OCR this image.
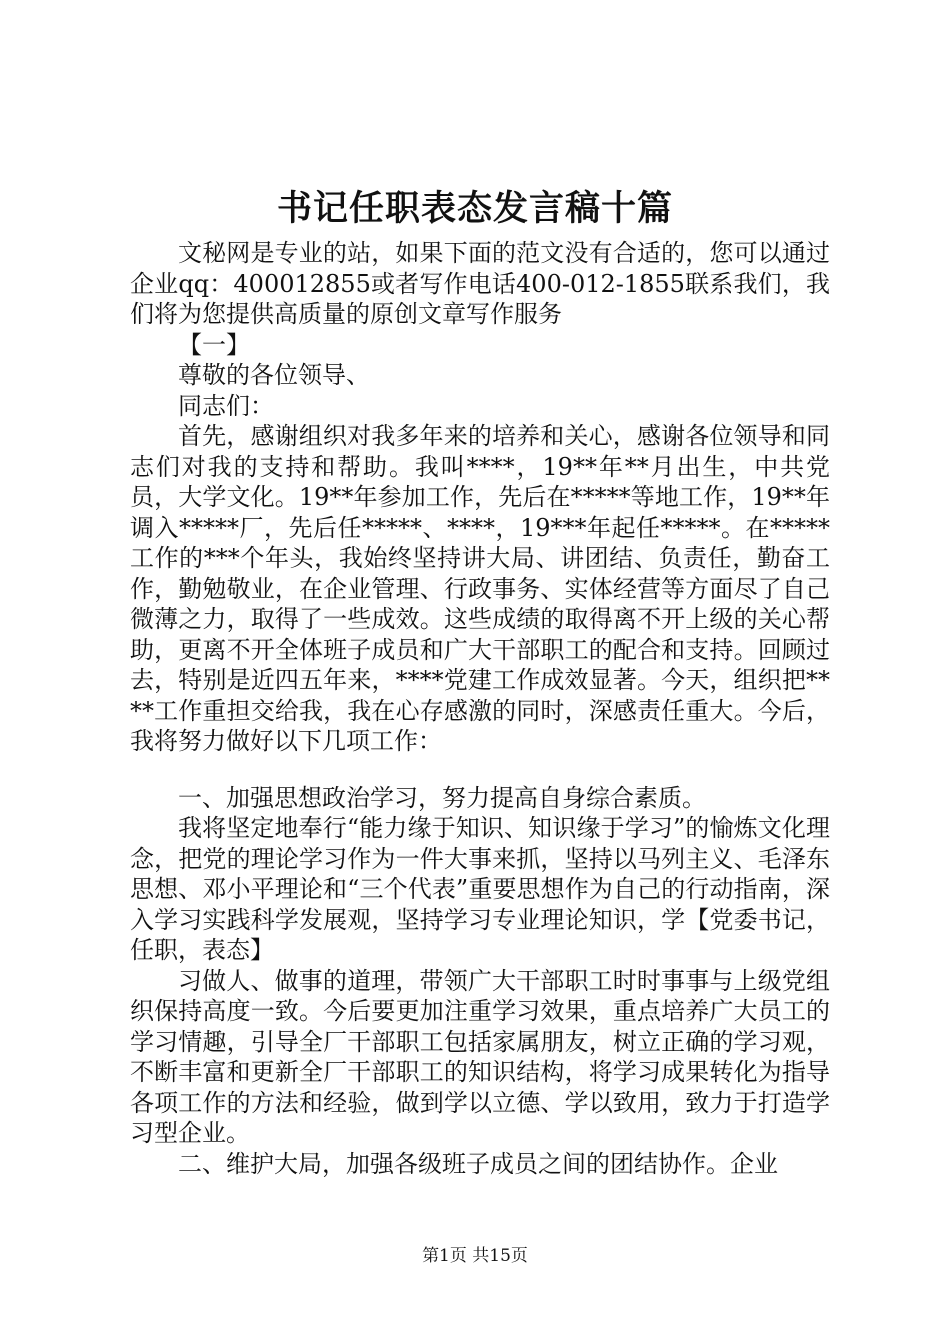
书记任职表态发言稿十篇

文秘网是专业的站，如果下面的范文没有合适的，您可以通过企业qq：400012855或者写作电话400-012-1855联系我们，我们将为您提供高质量的原创文章写作服务

【一】

尊敬的各位领导、

同志们：

首先，感谢组织对我多年来的培养和关心，感谢各位领导和同志们对我的支持和帮助。我叫****，19**年**月出生，中共党员，大学文化。19**年参加工作，先后在*****等地工作，19**年调入*****厂，先后任*****、****，19***年起任*****。在*****工作的***个年头，我始终坚持讲大局、讲团结、负责任，勤奋工作，勤勉敬业，在企业管理、行政事务、实体经营等方面尽了自己微薄之力，取得了一些成效。这些成绩的取得离不开上级的关心帮助，更离不开全体班子成员和广大干部职工的配合和支持。回顾过去，特别是近四五年来，****党建工作成效显著。今天，组织把****工作重担交给我，我在心存感激的同时，深感责任重大。今后，我将努力做好以下几项工作：

一、加强思想政治学习，努力提高自身综合素质。

我将坚定地奉行“能力缘于知识、知识缘于学习”的愉炼文化理念，把党的理论学习作为一件大事来抓，坚持以马列主义、毛泽东思想、邓小平理论和“三个代表”重要思想作为自己的行动指南，深入学习实践科学发展观，坚持学习专业理论知识，学【党委书记，任职，表态】

习做人、做事的道理，带领广大干部职工时时事事与上级党组织保持高度一致。今后要更加注重学习效果，重点培养广大员工的学习情趣，引导全厂干部职工包括家属朋友，树立正确的学习观，不断丰富和更新全厂干部职工的知识结构，将学习成果转化为指导各项工作的方法和经验，做到学以立德、学以致用，致力于打造学习型企业。

二、维护大局，加强各级班子成员之间的团结协作。企业

第1页 共15页
